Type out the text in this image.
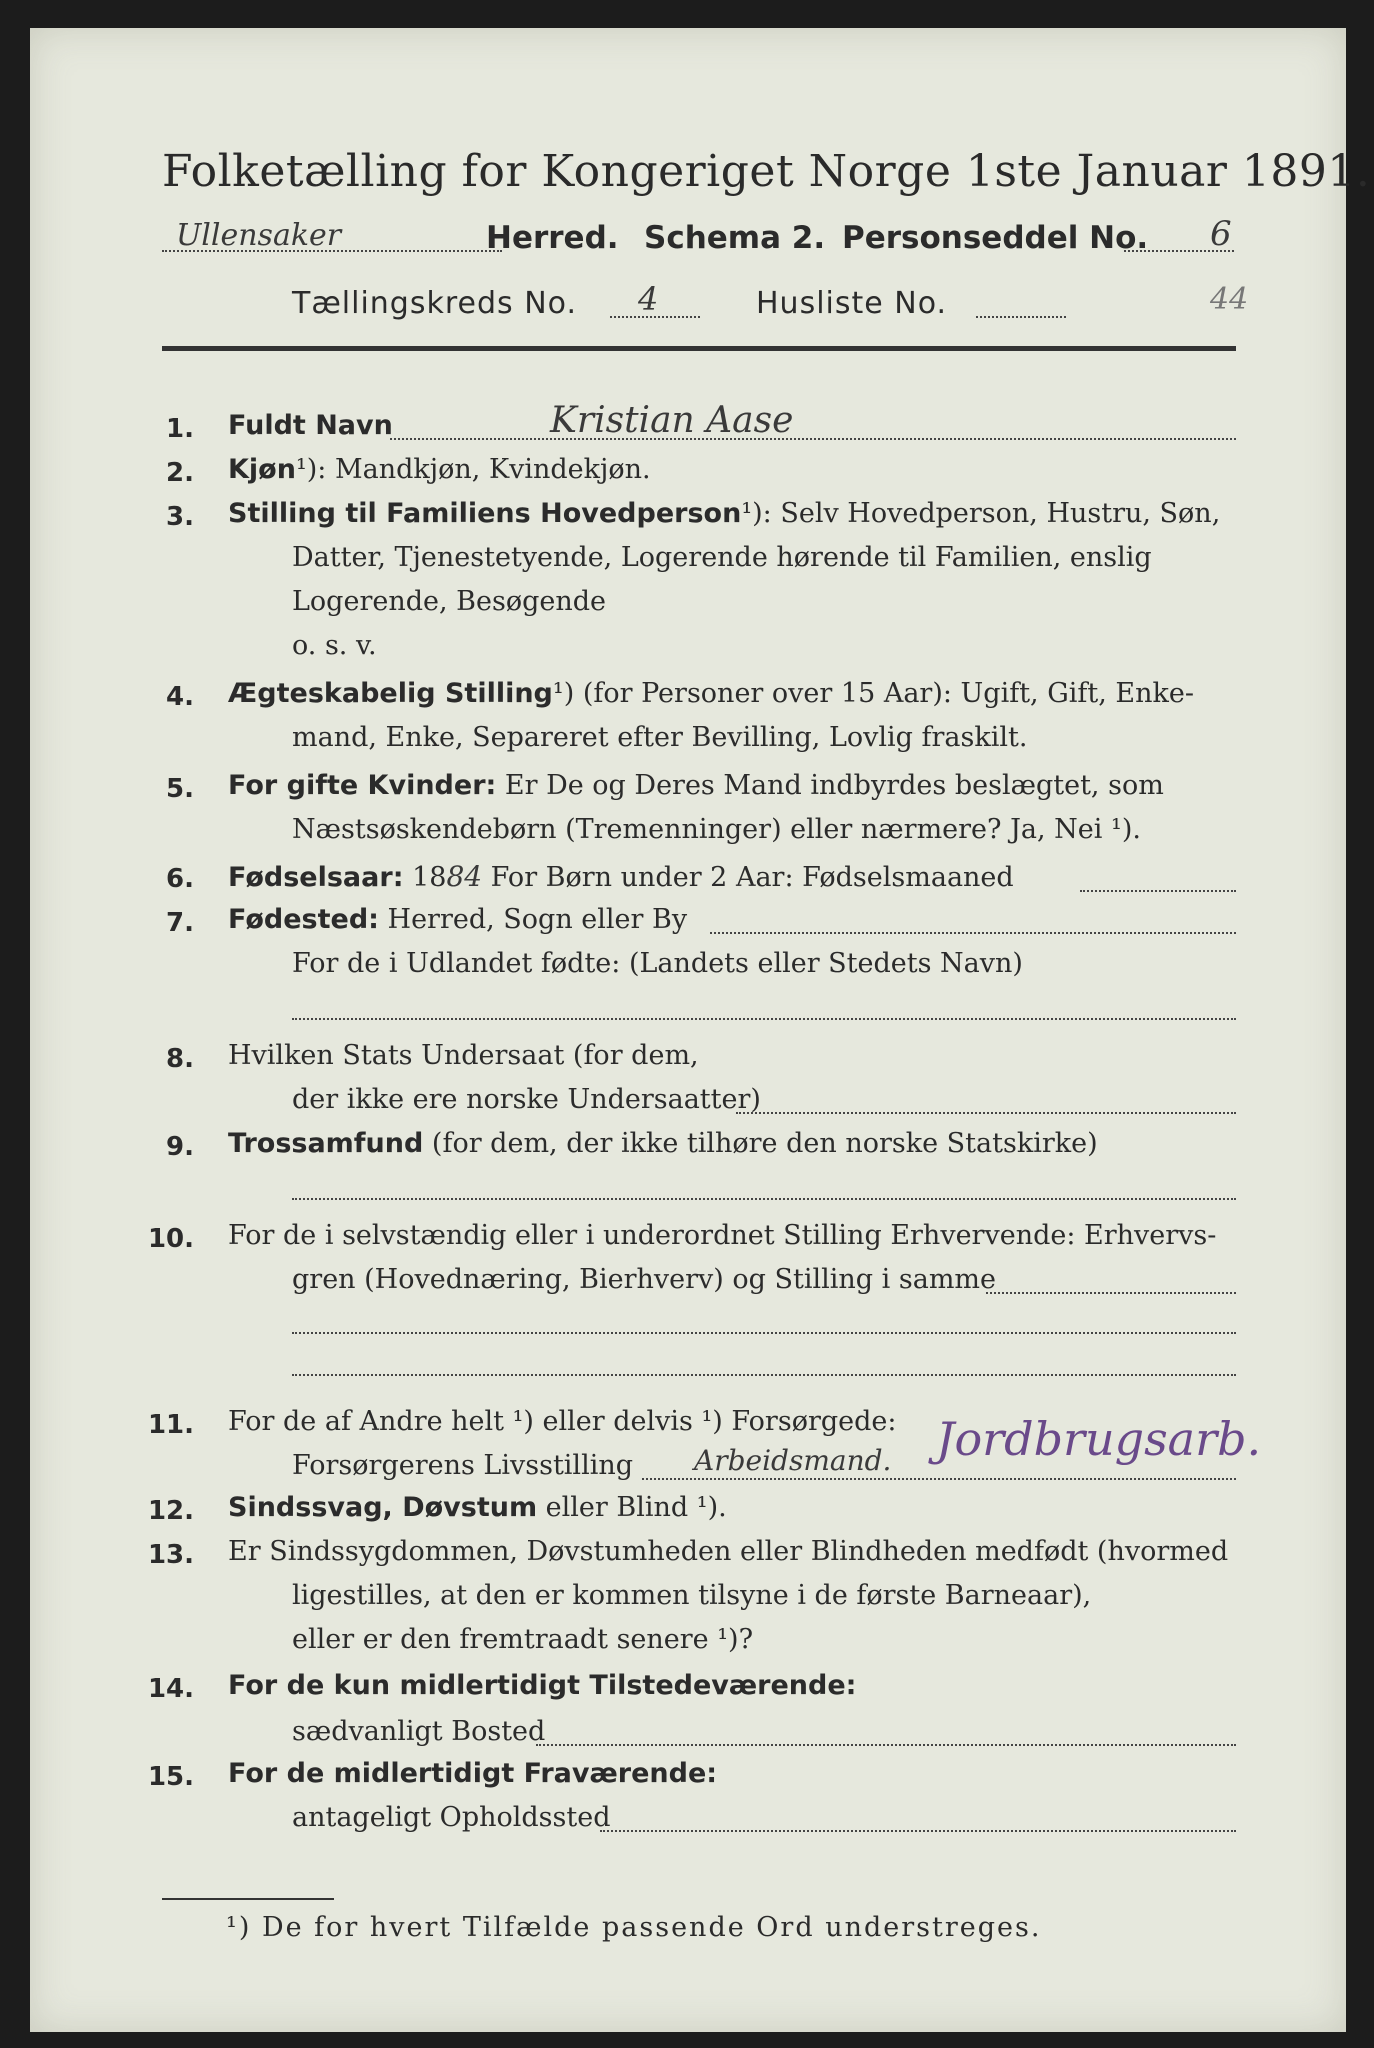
Folketælling for Kongeriget Norge 1ste Januar 1891.
Ullensaker	Herred. Schema 2. Personseddel No. 6
Tællingskreds No. 4	Husliste No.	44
1. Fuldt Navn	Kristian Aase
2. Kjøn¹): Mandkjøn, Kvindekjøn.
3. Stilling til Familiens Hovedperson¹): Selv Hovedperson, Hustru, Søn,
Datter, Tjenestetyende, Logerende hørende til Familien, enslig
Logerende, Besøgende
o. s. v.
4. Ægteskabelig Stilling¹) (for Personer over 15 Aar): Ugift, Gift, Enke-
mand, Enke, Separeret efter Bevilling, Lovlig fraskilt.
5. For gifte Kvinder: Er De og Deres Mand indbyrdes beslægtet, som
Næstsøskendebørn (Tremenninger) eller nærmere? Ja, Nei ¹).
6. Fødselsaar: 1884 For Børn under 2 Aar: Fødselsmaaned
7. Fødested: Herred, Sogn eller By
For de i Udlandet fødte: (Landets eller Stedets Navn)
8. Hvilken Stats Undersaat (for dem,
der ikke ere norske Undersaatter)
9. Trossamfund (for dem, der ikke tilhøre den norske Statskirke)
10. For de i selvstændig eller i underordnet Stilling Erhvervende: Erhvervs-
gren (Hovednæring, Bierhverv) og Stilling i samme
11. For de af Andre helt ¹) eller delvis ¹) Forsørgede:
Forsørgerens Livsstilling Arbeidsmand. Jordbrugsarb.
12. Sindssvag, Døvstum eller Blind ¹).
13. Er Sindssygdommen, Døvstumheden eller Blindheden medfødt (hvormed
ligestilles, at den er kommen tilsyne i de første Barneaar),
eller er den fremtraadt senere ¹)?
14. For de kun midlertidigt Tilstedeværende:
sædvanligt Bosted
15. For de midlertidigt Fraværende:
antageligt Opholdssted
¹) De for hvert Tilfælde passende Ord understreges.
